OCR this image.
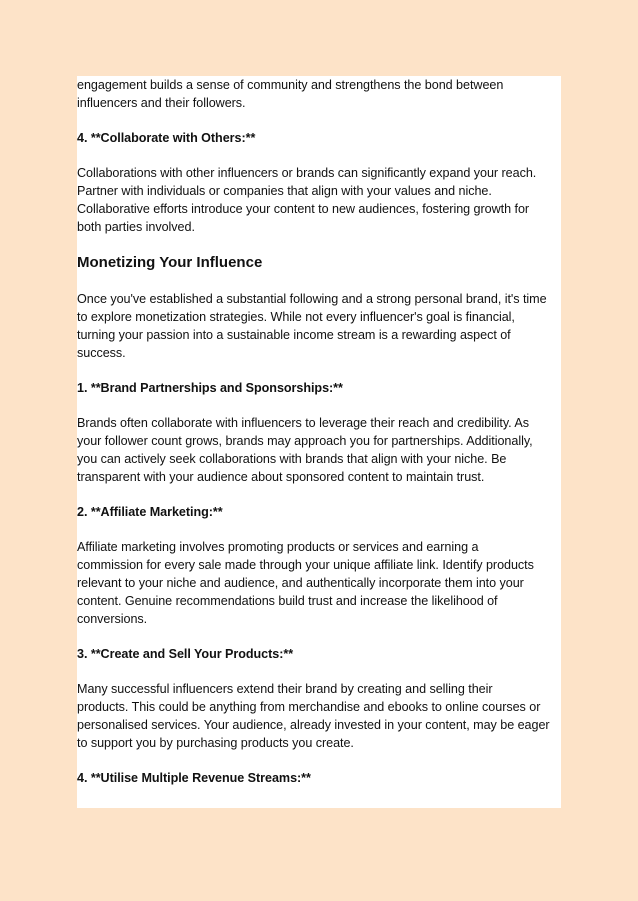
engagement builds a sense of community and strengthens the bond between
influencers and their followers.

4. **Collaborate with Others:**

Collaborations with other influencers or brands can significantly expand your reach.
Partner with individuals or companies that align with your values and niche.
Collaborative efforts introduce your content to new audiences, fostering growth for
both parties involved.

Monetizing Your Influence

Once you've established a substantial following and a strong personal brand, it's time
to explore monetization strategies. While not every influencer's goal is financial,
turning your passion into a sustainable income stream is a rewarding aspect of
success.

1. **Brand Partnerships and Sponsorships:**

Brands often collaborate with influencers to leverage their reach and credibility. As
your follower count grows, brands may approach you for partnerships. Additionally,
you can actively seek collaborations with brands that align with your niche. Be
transparent with your audience about sponsored content to maintain trust.

2. **Affiliate Marketing:**

Affiliate marketing involves promoting products or services and earning a
commission for every sale made through your unique affiliate link. Identify products
relevant to your niche and audience, and authentically incorporate them into your
content. Genuine recommendations build trust and increase the likelihood of
conversions.

3. **Create and Sell Your Products:**

Many successful influencers extend their brand by creating and selling their
products. This could be anything from merchandise and ebooks to online courses or
personalised services. Your audience, already invested in your content, may be eager
to support you by purchasing products you create.

4. **Utilise Multiple Revenue Streams:**
